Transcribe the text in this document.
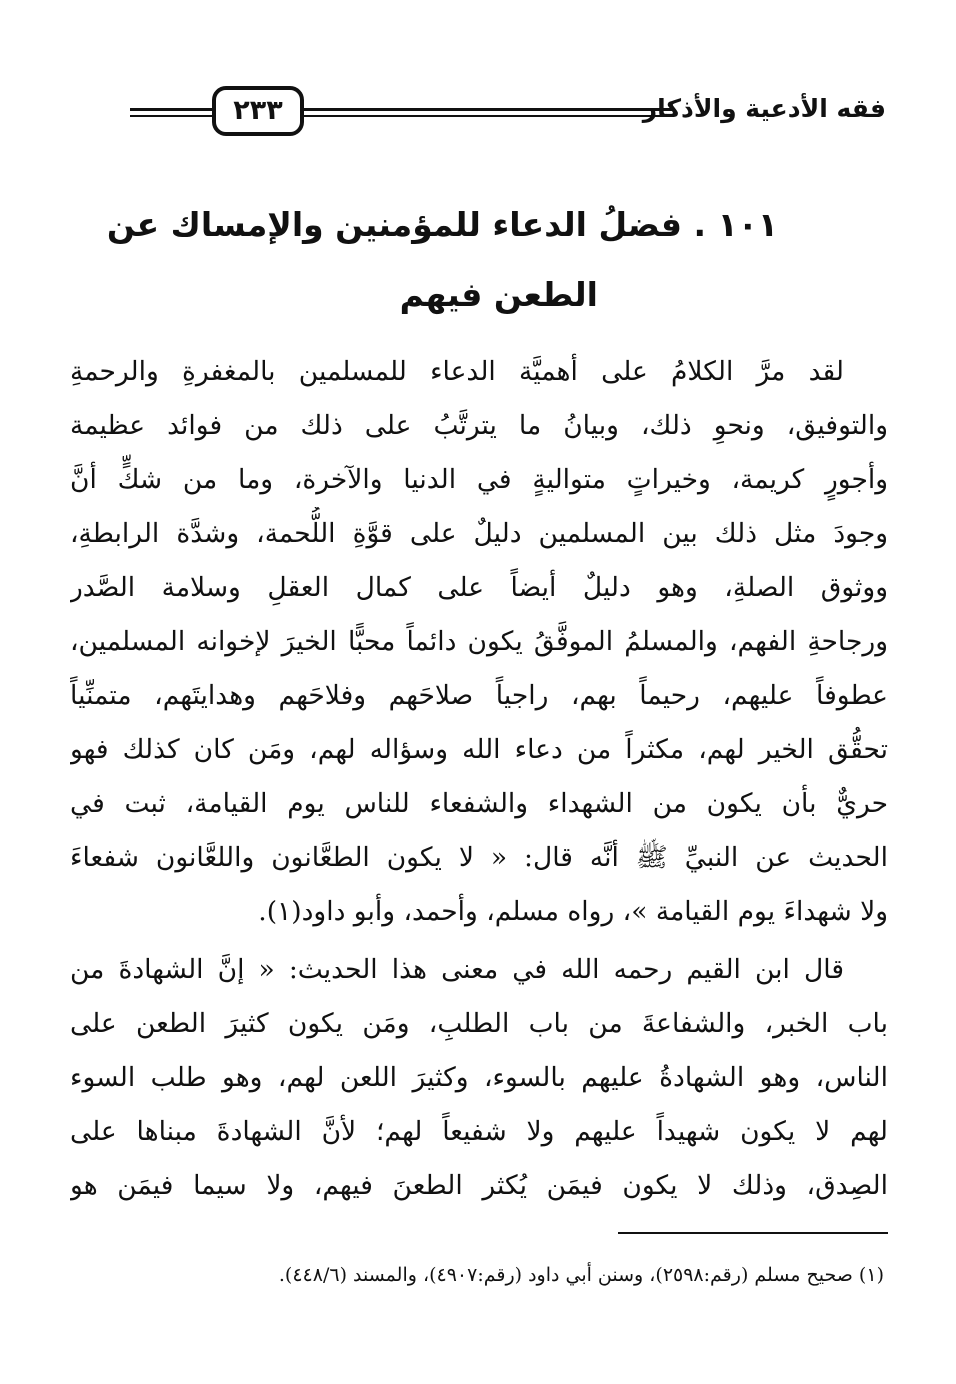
٢٣٣	فقه الأدعية والأذكار
١٠١ . فضلُ الدعاء للمؤمنين والإمساك عن
الطعن فيهم
لقد مرَّ الكلامُ على أهميَّة الدعاء للمسلمين بالمغفرةِ والرحمةِ
والتوفيق، ونحوِ ذلك، وبيانُ ما يترتَّبُ على ذلك من فوائد عظيمة
وأجورٍ كريمة، وخيراتٍ متواليةٍ في الدنيا والآخرة، وما من شكٍّ أنَّ
وجودَ مثل ذلك بين المسلمين دليلٌ على قوَّةِ اللُّحمة، وشدَّة الرابطةِ،
ووثوق الصلةِ، وهو دليلٌ أيضاً على كمال العقلِ وسلامة الصَّدر
ورجاحةِ الفهم، والمسلمُ الموفَّقُ يكون دائماً محبًّا الخيرَ لإخوانه المسلمين،
عطوفاً عليهم، رحيماً بهم، راجياً صلاحَهم وفلاحَهم وهدايتَهم، متمنِّياً
تحقُّق الخير لهم، مكثراً من دعاء الله وسؤاله لهم، ومَن كان كذلك فهو
حريٌّ بأن يكون من الشهداء والشفعاء للناس يوم القيامة، ثبت في
الحديث عن النبيِّ ﷺ أنَّه قال: « لا يكون الطعَّانون واللعَّانون شفعاءَ
ولا شهداءَ يوم القيامة »، رواه مسلم، وأحمد، وأبو داود(١).
قال ابن القيم رحمه الله في معنى هذا الحديث: « إنَّ الشهادةَ من
باب الخبر، والشفاعةَ من باب الطلبِ، ومَن يكون كثيرَ الطعن على
الناس، وهو الشهادةُ عليهم بالسوء، وكثيرَ اللعن لهم، وهو طلب السوء
لهم لا يكون شهيداً عليهم ولا شفيعاً لهم؛ لأنَّ الشهادةَ مبناها على
الصِدق، وذلك لا يكون فيمَن يُكثر الطعنَ فيهم، ولا سيما فيمَن هو
(١) صحيح مسلم (رقم:٢٥٩٨)، وسنن أبي داود (رقم:٤٩٠٧)، والمسند (٤٤٨/٦).
